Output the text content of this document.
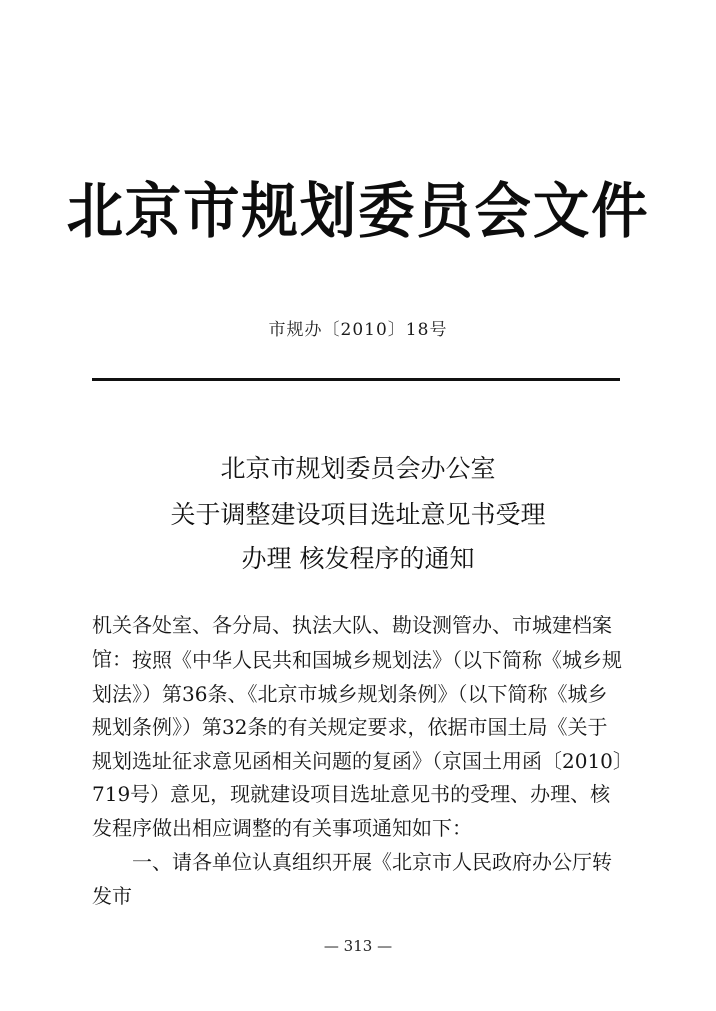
北京市规划委员会文件
市规办〔2010〕18号
北京市规划委员会办公室
关于调整建设项目选址意见书受理
办理 核发程序的通知
机关各处室、各分局、执法大队、勘设测管办、市城建档案馆： 按照《中华人民共和国城乡规划法》（以下简称《城乡规划法》）第36条、《北京市城乡规划条例》（以下简称《城乡规划条例》）第32条的有关规定要求，依据市国土局《关于规划选址征求意见函相关问题的复函》（京国土用函〔2010〕719号）意见，现就建设项目选址意见书的受理、办理、核发程序做出相应调整的有关事项通知如下：
一、请各单位认真组织开展《北京市人民政府办公厅转发市
— 313 —
